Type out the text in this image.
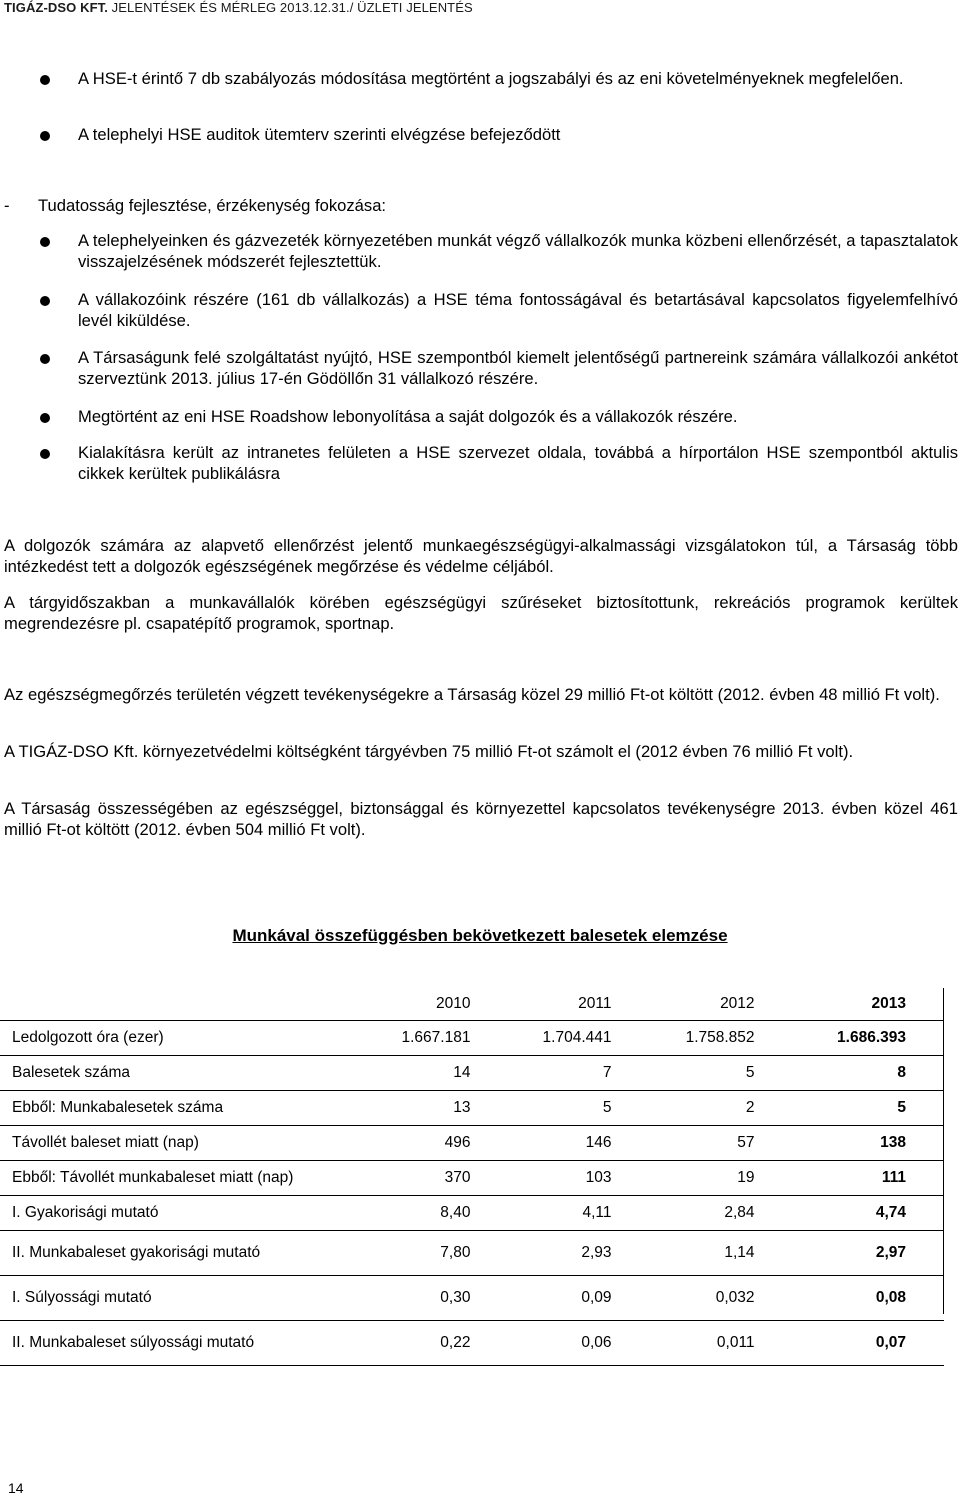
TIGÁZ-DSO KFT. JELENTÉSEK ÉS MÉRLEG 2013.12.31./ ÜZLETI JELENTÉS
A HSE-t érintő 7 db szabályozás módosítása megtörtént a jogszabályi és az eni követelményeknek megfelelően.
A telephelyi HSE auditok ütemterv szerinti elvégzése befejeződött
- Tudatosság fejlesztése, érzékenység fokozása:
A telephelyeinken és gázvezeték környezetében munkát végző vállalkozók munka közbeni ellenőrzését, a tapasztalatok visszajelzésének módszerét fejlesztettük.
A vállakozóink részére (161 db vállalkozás) a HSE téma fontosságával és betartásával kapcsolatos figyelemfelhívó levél kiküldése.
A Társaságunk felé szolgáltatást nyújtó, HSE szempontból kiemelt jelentőségű partnereink számára vállalkozói ankétot szerveztünk 2013. július 17-én Gödöllőn 31 vállalkozó részére.
Megtörtént az eni HSE Roadshow lebonyolítása a saját dolgozók és a vállakozók részére.
Kialakításra került az intranetes felületen a HSE szervezet oldala, továbbá a hírportálon HSE szempontból aktulis cikkek kerültek publikálásra
A dolgozók számára az alapvető ellenőrzést jelentő munkaegészségügyi-alkalmassági vizsgálatokon túl, a Társaság több intézkedést tett a dolgozók egészségének megőrzése és védelme céljából.
A tárgyidőszakban a munkavállalók körében egészségügyi szűréseket biztosítottunk, rekreációs programok kerültek megrendezésre pl. csapatépítő programok, sportnap.
Az egészségmegőrzés területén végzett tevékenységekre a Társaság közel 29 millió Ft-ot költött (2012. évben 48 millió Ft volt).
A TIGÁZ-DSO Kft. környezetvédelmi költségként tárgyévben 75 millió Ft-ot számolt el (2012 évben 76 millió Ft volt).
A Társaság összességében az egészséggel, biztonsággal és környezettel kapcsolatos tevékenységre 2013. évben közel 461 millió Ft-ot költött (2012. évben 504 millió Ft volt).
Munkával összefüggésben bekövetkezett balesetek elemzése
	2010	2011	2012	2013
Ledolgozott óra (ezer)	1.667.181	1.704.441	1.758.852	1.686.393
Balesetek száma	14	7	5	8
Ebből: Munkabalesetek száma	13	5	2	5
Távollét baleset miatt (nap)	496	146	57	138
Ebből: Távollét munkabaleset miatt (nap)	370	103	19	111
I. Gyakorisági mutató	8,40	4,11	2,84	4,74
II. Munkabaleset gyakorisági mutató	7,80	2,93	1,14	2,97
I. Súlyossági mutató	0,30	0,09	0,032	0,08
II. Munkabaleset súlyossági mutató	0,22	0,06	0,011	0,07
14
